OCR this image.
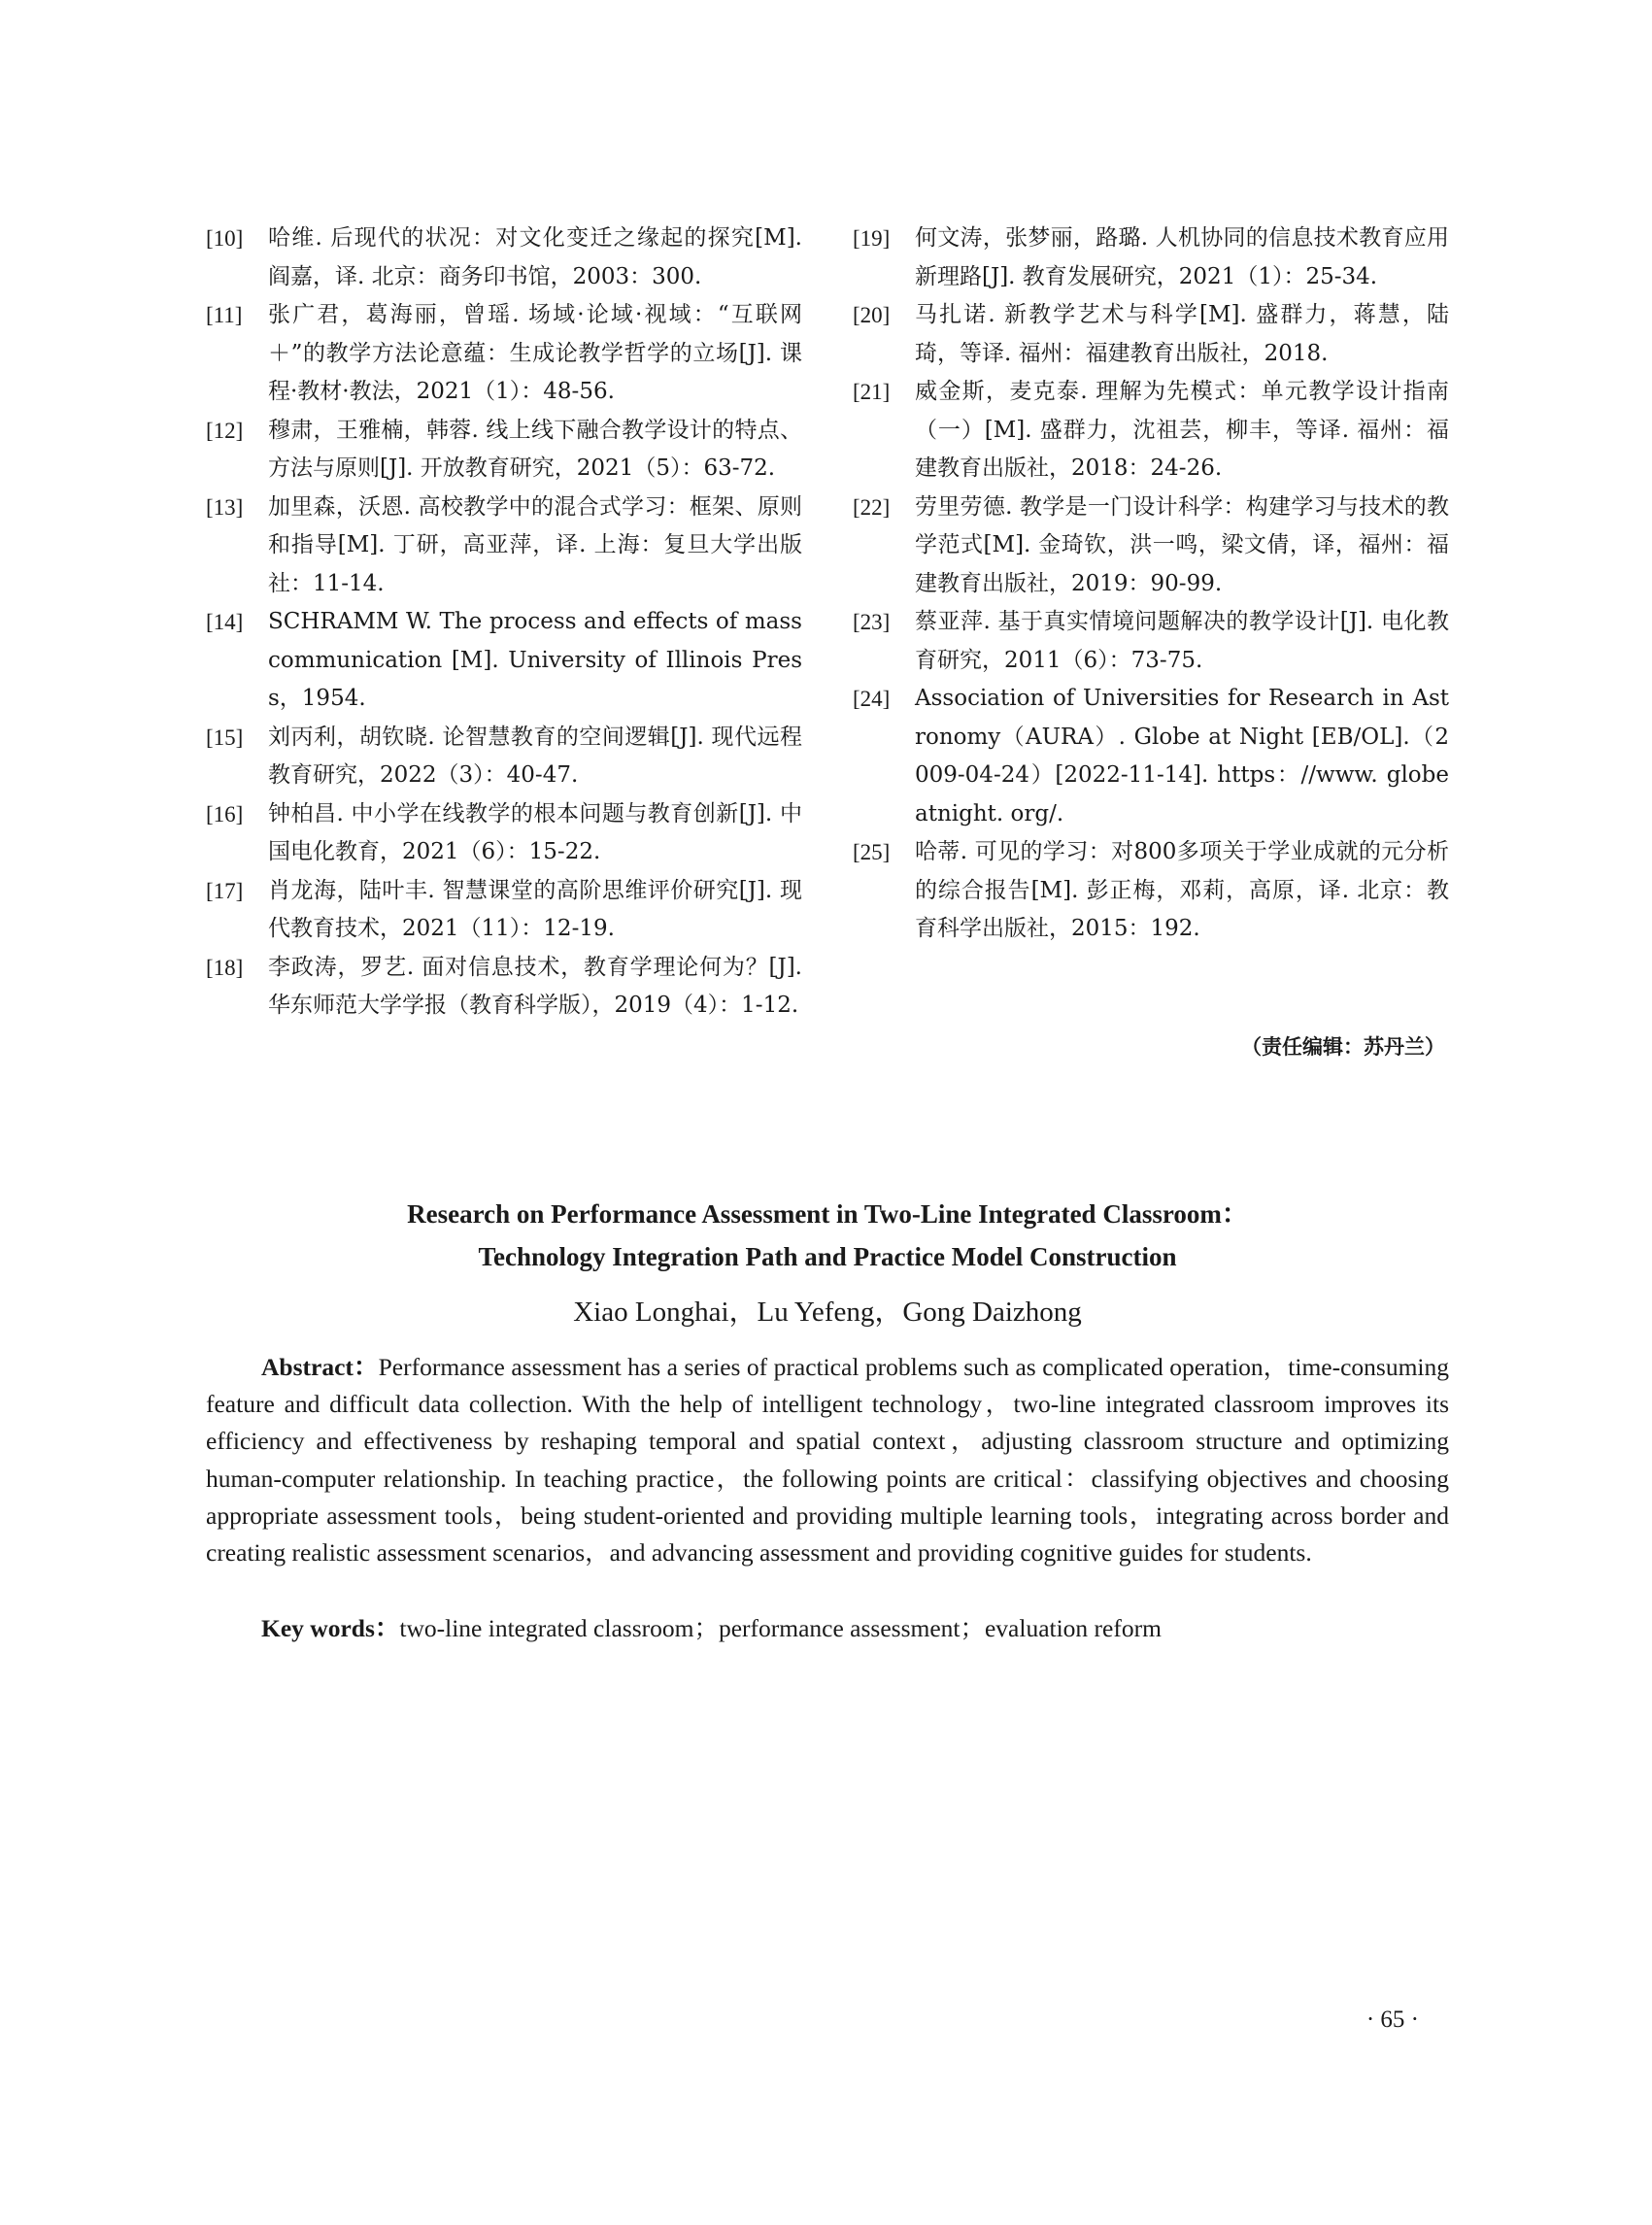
[10] 哈维. 后现代的状况：对文化变迁之缘起的探究[M]. 阎嘉，译. 北京：商务印书馆，2003：300.

[11] 张广君，葛海丽，曾瑶. 场域·论域·视域：“互联网＋”的教学方法论意蕴：生成论教学哲学的立场[J]. 课程·教材·教法，2021（1）：48-56.

[12] 穆肃，王雅楠，韩蓉. 线上线下融合教学设计的特点、方法与原则[J]. 开放教育研究，2021（5）：63-72.

[13] 加里森，沃恩. 高校教学中的混合式学习：框架、原则和指导[M]. 丁研，高亚萍，译. 上海：复旦大学出版社：11-14.

[14] SCHRAMM W. The process and effects of mass communication [M]. University of Illinois Press，1954.

[15] 刘丙利，胡钦晓. 论智慧教育的空间逻辑[J]. 现代远程教育研究，2022（3）：40-47.

[16] 钟柏昌. 中小学在线教学的根本问题与教育创新[J]. 中国电化教育，2021（6）：15-22.

[17] 肖龙海，陆叶丰. 智慧课堂的高阶思维评价研究[J]. 现代教育技术，2021（11）：12-19.

[18] 李政涛，罗艺. 面对信息技术，教育学理论何为？[J]. 华东师范大学学报（教育科学版），2019（4）：1-12.

[19] 何文涛，张梦丽，路璐. 人机协同的信息技术教育应用新理路[J]. 教育发展研究，2021（1）：25-34.

[20] 马扎诺. 新教学艺术与科学[M]. 盛群力，蒋慧，陆琦，等译. 福州：福建教育出版社，2018.

[21] 威金斯，麦克泰. 理解为先模式：单元教学设计指南（一）[M]. 盛群力，沈祖芸，柳丰，等译. 福州：福建教育出版社，2018：24-26.

[22] 劳里劳德. 教学是一门设计科学：构建学习与技术的教学范式[M]. 金琦钦，洪一鸣，梁文倩，译，福州：福建教育出版社，2019：90-99.

[23] 蔡亚萍. 基于真实情境问题解决的教学设计[J]. 电化教育研究，2011（6）：73-75.

[24] Association of Universities for Research in Astronomy（AURA）. Globe at Night [EB/OL].（2009-04-24）[2022-11-14]. https：//www. globeatnight. org/.

[25] 哈蒂. 可见的学习：对800多项关于学业成就的元分析的综合报告[M]. 彭正梅，邓莉，高原，译. 北京：教育科学出版社，2015：192.

（责任编辑：苏丹兰）
Research on Performance Assessment in Two-Line Integrated Classroom：
Technology Integration Path and Practice Model Construction
Xiao Longhai，Lu Yefeng，Gong Daizhong

Abstract：Performance assessment has a series of practical problems such as complicated operation，time-consuming feature and difficult data collection. With the help of intelligent technology，two-line integrated classroom improves its efficiency and effectiveness by reshaping temporal and spatial context，adjusting classroom structure and optimizing human-computer relationship. In teaching practice，the following points are critical：classifying objectives and choosing appropriate assessment tools，being student-oriented and providing multiple learning tools，integrating across border and creating realistic assessment scenarios，and advancing assessment and providing cognitive guides for students.

Key words：two-line integrated classroom；performance assessment；evaluation reform

· 65 ·
